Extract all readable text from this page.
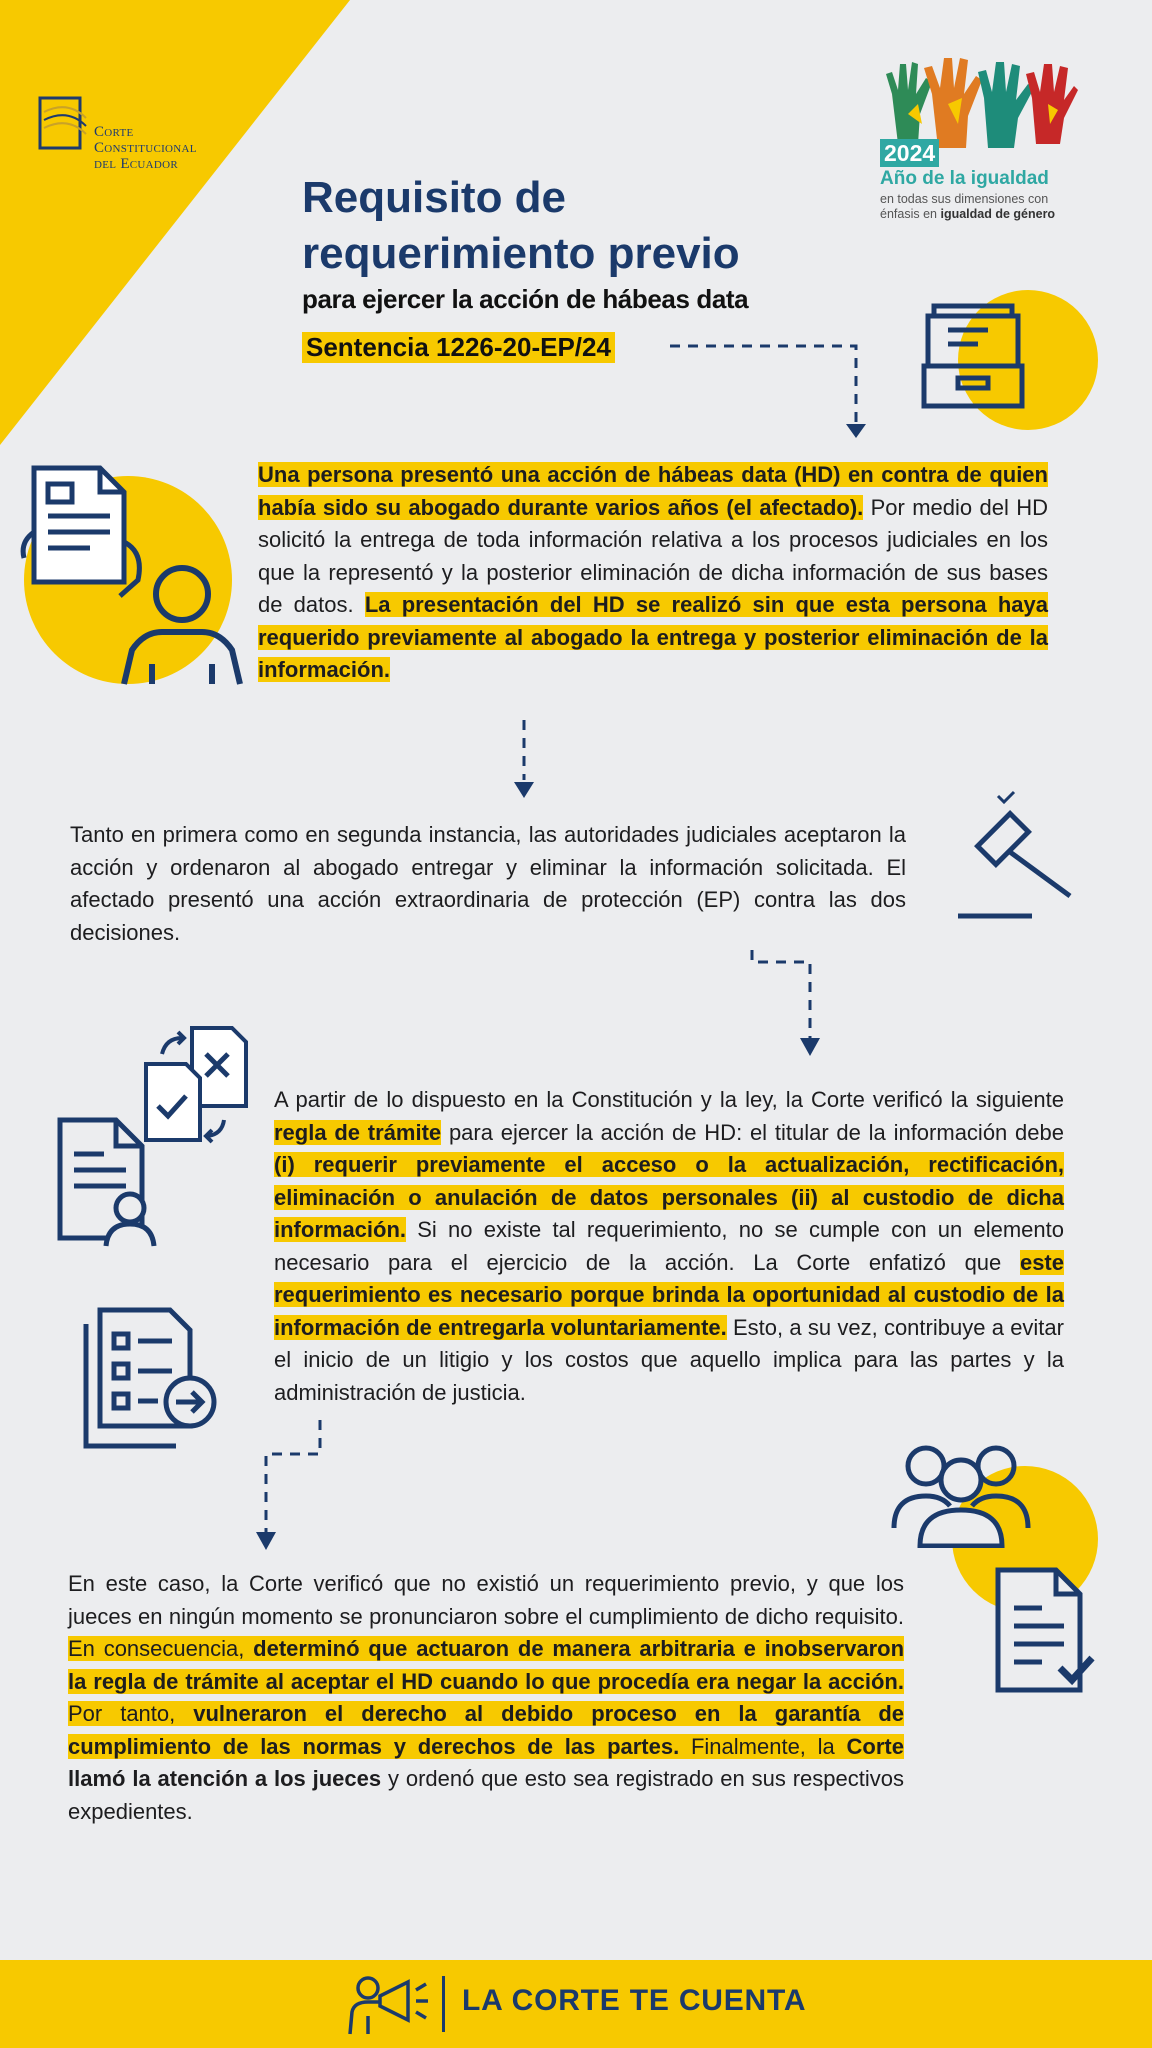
Corte
Constitucional
del Ecuador	2024
Año de la igualdad
en todas sus dimensiones con
énfasis en igualdad de género
Requisito de
requerimiento previo
para ejercer la acción de hábeas data
Sentencia 1226-20-EP/24

Una persona presentó una acción de hábeas data (HD) en contra de quien había sido su abogado durante varios años (el afectado). Por medio del HD solicitó la entrega de toda información relativa a los procesos judiciales en los que la representó y la posterior eliminación de dicha información de sus bases de datos. La presentación del HD se realizó sin que esta persona haya requerido previamente al abogado la entrega y posterior eliminación de la información.

Tanto en primera como en segunda instancia, las autoridades judiciales aceptaron la acción y ordenaron al abogado entregar y eliminar la información solicitada. El afectado presentó una acción extraordinaria de protección (EP) contra las dos decisiones.

A partir de lo dispuesto en la Constitución y la ley, la Corte verificó la siguiente regla de trámite para ejercer la acción de HD: el titular de la información debe (i) requerir previamente el acceso o la actualización, rectificación, eliminación o anulación de datos personales (ii) al custodio de dicha información. Si no existe tal requerimiento, no se cumple con un elemento necesario para el ejercicio de la acción. La Corte enfatizó que este requerimiento es necesario porque brinda la oportunidad al custodio de la información de entregarla voluntariamente. Esto, a su vez, contribuye a evitar el inicio de un litigio y los costos que aquello implica para las partes y la administración de justicia.

En este caso, la Corte verificó que no existió un requerimiento previo, y que los jueces en ningún momento se pronunciaron sobre el cumplimiento de dicho requisito. En consecuencia, determinó que actuaron de manera arbitraria e inobservaron la regla de trámite al aceptar el HD cuando lo que procedía era negar la acción. Por tanto, vulneraron el derecho al debido proceso en la garantía de cumplimiento de las normas y derechos de las partes. Finalmente, la Corte llamó la atención a los jueces y ordenó que esto sea registrado en sus respectivos expedientes.

LA CORTE TE CUENTA
